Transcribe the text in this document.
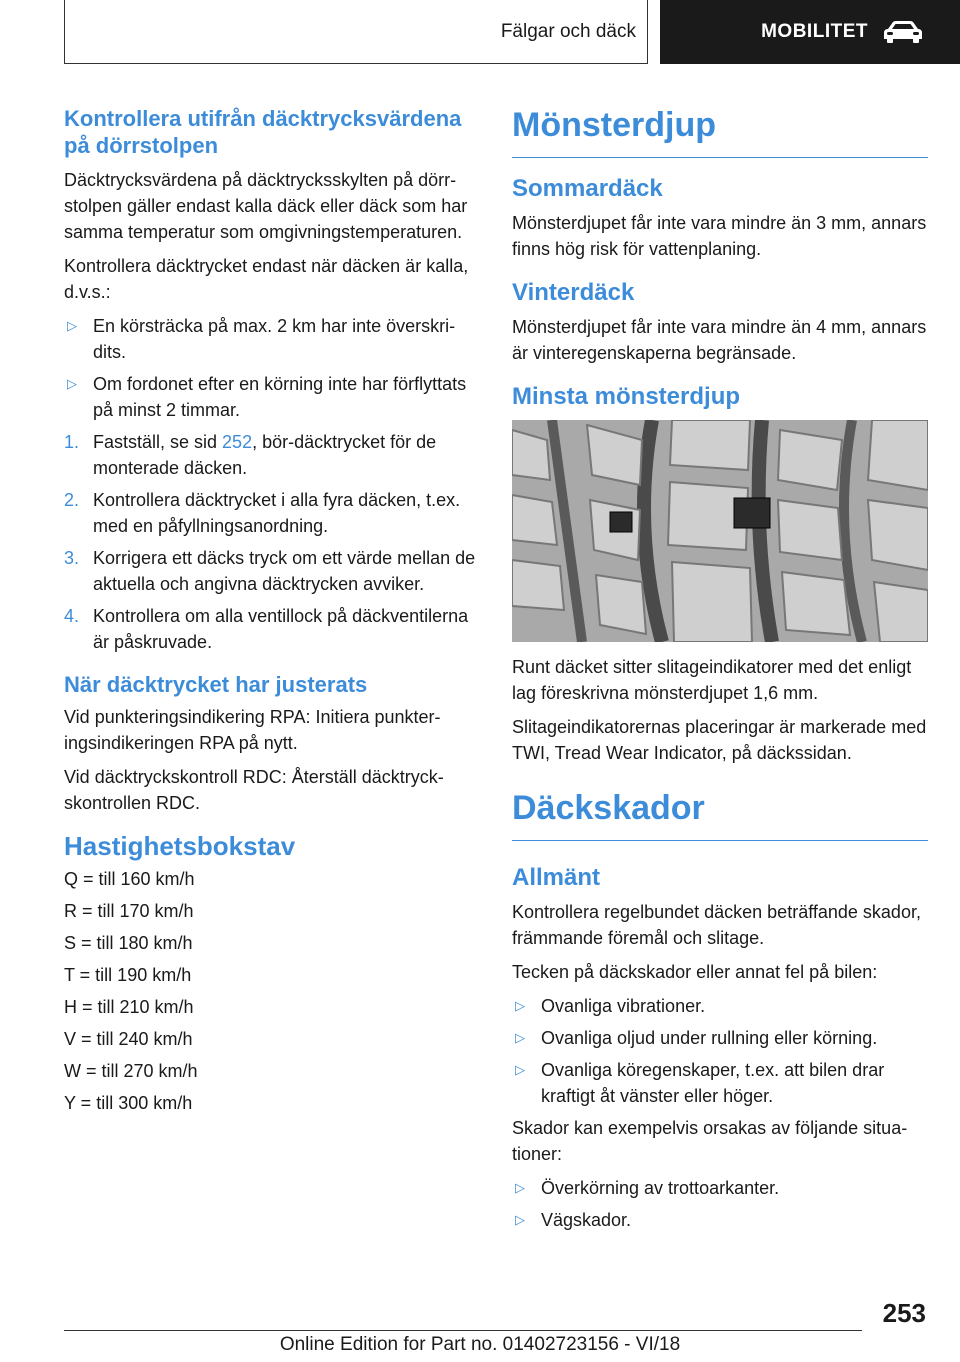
Fälgar och däck	MOBILITET
Kontrollera utifrån däcktrycksvärdena på dörrstolpen

Däcktrycksvärdena på däcktrycksskylten på dörrstolpen gäller endast kalla däck eller däck som har samma temperatur som omgivningstemperaturen.

Kontrollera däcktrycket endast när däcken är kalla, d.v.s.:

▷ En körsträcka på max. 2 km har inte överskridits.
▷ Om fordonet efter en körning inte har förflyttats på minst 2 timmar.
1. Fastställ, se sid 252, bör-däcktrycket för de monterade däcken.
2. Kontrollera däcktrycket i alla fyra däcken, t.ex. med en påfyllningsanordning.
3. Korrigera ett däcks tryck om ett värde mellan de aktuella och angivna däcktrycken avviker.
4. Kontrollera om alla ventillock på däckventilerna är påskruvade.
När däcktrycket har justerats

Vid punkteringsindikering RPA: Initiera punkteringsindikeringen RPA på nytt.

Vid däcktryckskontroll RDC: Återställ däcktryckskontrollen RDC.

Hastighetsbokstav
Q = till 160 km/h
R = till 170 km/h
S = till 180 km/h
T = till 190 km/h
H = till 210 km/h
V = till 240 km/h
W = till 270 km/h
Y = till 300 km/h
Mönsterdjup
Sommardäck

Mönsterdjupet får inte vara mindre än 3 mm, annars finns hög risk för vattenplaning.

Vinterdäck

Mönsterdjupet får inte vara mindre än 4 mm, annars är vinteregenskaperna begränsade.

Minsta mönsterdjup

Runt däcket sitter slitageindikatorer med det enligt lag föreskrivna mönsterdjupet 1,6 mm.

Slitageindikatorernas placeringar är markerade med TWI, Tread Wear Indicator, på däckssidan.

Däckskador
Allmänt

Kontrollera regelbundet däcken beträffande skador, främmande föremål och slitage.

Tecken på däckskador eller annat fel på bilen:

▷ Ovanliga vibrationer.
▷ Ovanliga oljud under rullning eller körning.
▷ Ovanliga köregenskaper, t.ex. att bilen drar kraftigt åt vänster eller höger.

Skador kan exempelvis orsakas av följande situationer:

▷ Överkörning av trottoarkanter.
▷ Vägskador.
253
Online Edition for Part no. 01402723156 - VI/18
